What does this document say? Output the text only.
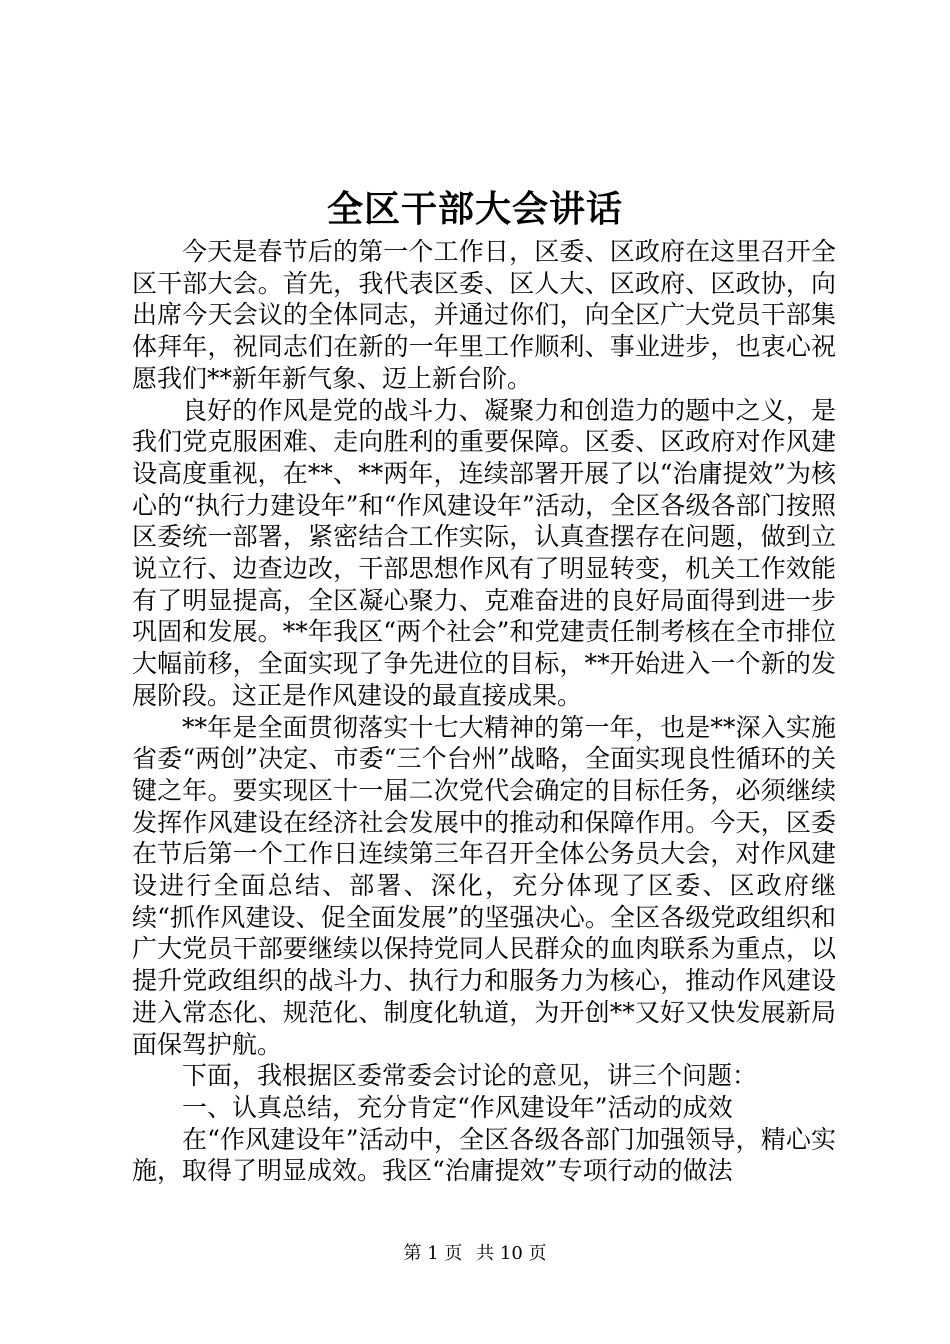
全区干部大会讲话

今天是春节后的第一个工作日，区委、区政府在这里召开全区干部大会。首先，我代表区委、区人大、区政府、区政协，向出席今天会议的全体同志，并通过你们，向全区广大党员干部集体拜年，祝同志们在新的一年里工作顺利、事业进步，也衷心祝愿我们**新年新气象、迈上新台阶。

良好的作风是党的战斗力、凝聚力和创造力的题中之义，是我们党克服困难、走向胜利的重要保障。区委、区政府对作风建设高度重视，在**、**两年，连续部署开展了以“治庸提效”为核心的“执行力建设年”和“作风建设年”活动，全区各级各部门按照区委统一部署，紧密结合工作实际，认真查摆存在问题，做到立说立行、边查边改，干部思想作风有了明显转变，机关工作效能有了明显提高，全区凝心聚力、克难奋进的良好局面得到进一步巩固和发展。**年我区“两个社会”和党建责任制考核在全市排位大幅前移，全面实现了争先进位的目标，**开始进入一个新的发展阶段。这正是作风建设的最直接成果。

**年是全面贯彻落实十七大精神的第一年，也是**深入实施省委“两创”决定、市委“三个台州”战略，全面实现良性循环的关键之年。要实现区十一届二次党代会确定的目标任务，必须继续发挥作风建设在经济社会发展中的推动和保障作用。今天，区委在节后第一个工作日连续第三年召开全体公务员大会，对作风建设进行全面总结、部署、深化，充分体现了区委、区政府继续“抓作风建设、促全面发展”的坚强决心。全区各级党政组织和广大党员干部要继续以保持党同人民群众的血肉联系为重点，以提升党政组织的战斗力、执行力和服务力为核心，推动作风建设进入常态化、规范化、制度化轨道，为开创**又好又快发展新局面保驾护航。

下面，我根据区委常委会讨论的意见，讲三个问题：

一、认真总结，充分肯定“作风建设年”活动的成效

在“作风建设年”活动中，全区各级各部门加强领导，精心实施，取得了明显成效。我区“治庸提效”专项行动的做法

第 1 页 共 10 页
